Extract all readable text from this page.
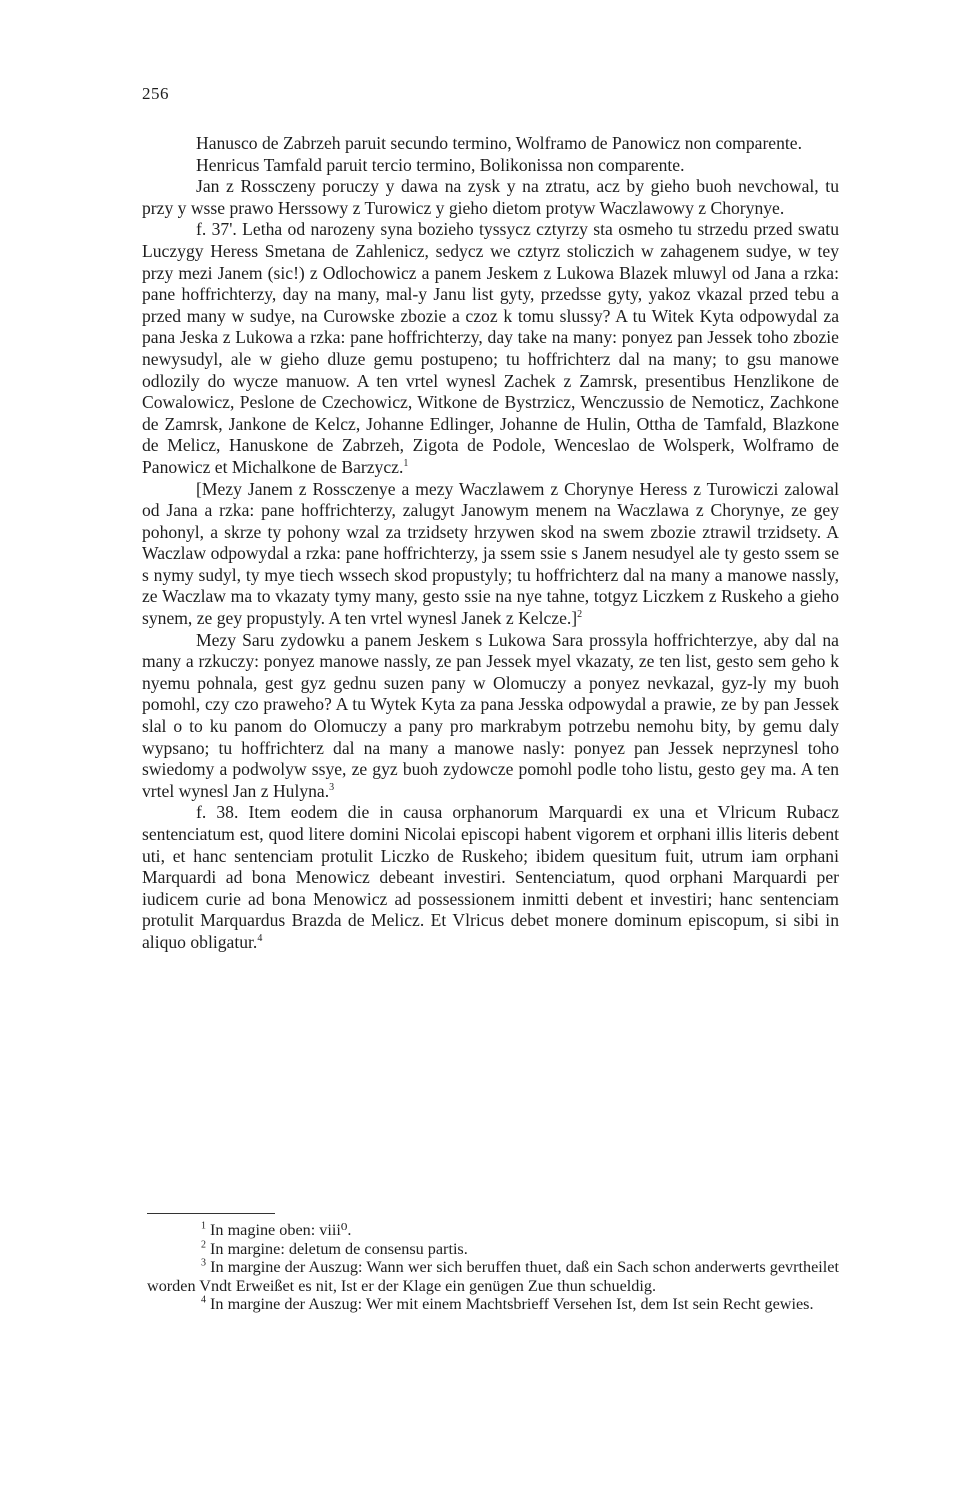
256

Hanusco de Zabrzeh paruit secundo termino, Wolframo de Panowicz non comparente.

Henricus Tamfald paruit tercio termino, Bolikonissa non comparente.

Jan z Rossczeny poruczy y dawa na zysk y na ztratu, acz by gieho buoh nevchowal, tu przy y wsse prawo Herssowy z Turowicz y gieho dietom protyw Waczlawowy z Chorynye.

f. 37'. Letha od narozeny syna bozieho tyssycz cztyrzy sta osmeho tu strzedu przed swatu Luczygy Heress Smetana de Zahlenicz, sedycz we cztyrz stoliczich w zahagenem sudye, w tey przy mezi Janem (sic!) z Odlochowicz a panem Jeskem z Lukowa Blazek mluwyl od Jana a rzka: pane hoffrichterzy, day na many, mal-y Janu list gyty, przedsse gyty, yakoz vkazal przed tebu a przed many w sudye, na Curowske zbozie a czoz k tomu slussy? A tu Witek Kyta odpowydal za pana Jeska z Lukowa a rzka: pane hoffrichterzy, day take na many: ponyez pan Jessek toho zbozie newysudyl, ale w gieho dluze gemu postupeno; tu hoffrichterz dal na many; to gsu manowe odlozily do wycze manuow. A ten vrtel wynesl Zachek z Zamrsk, presentibus Henzlikone de Cowalowicz, Peslone de Czechowicz, Witkone de Bystrzicz, Wenczussio de Nemoticz, Zachkone de Zamrsk, Jankone de Kelcz, Johanne Edlinger, Johanne de Hulin, Ottha de Tamfald, Blazkone de Melicz, Hanuskone de Zabrzeh, Zigota de Podole, Wenceslao de Wolsperk, Wolframo de Panowicz et Michalkone de Barzycz.$^1$

[Mezy Janem z Rossczenye a mezy Waczlawem z Chorynye Heress z Turowiczi zalowal od Jana a rzka: pane hoffrichterzy, zalugyt Janowym menem na Waczlawa z Chorynye, ze gey pohonyl, a skrze ty pohony wzal za trzidsety hrzywen skod na swem zbozie ztrawil trzidsety. A Waczlaw odpowydal a rzka: pane hoffrichterzy, ja ssem ssie s Janem nesudyel ale ty gesto ssem se s nymy sudyl, ty mye tiech wssech skod propustyly; tu hoffrichterz dal na many a manowe nassly, ze Waczlaw ma to vkazaty tymy many, gesto ssie na nye tahne, totgyz Liczkem z Ruskeho a gieho synem, ze gey propustyly. A ten vrtel wynesl Janek z Kelcze.]$^2$

Mezy Saru zydowku a panem Jeskem s Lukowa Sara prossyla hoffrichterzye, aby dal na many a rzkuczy: ponyez manowe nassly, ze pan Jessek myel vkazaty, ze ten list, gesto sem geho k nyemu pohnala, gest gyz gednu suzen pany w Olomuczy a ponyez nevkazal, gyz-ly my buoh pomohl, czy czo praweho? A tu Wytek Kyta za pana Jesska odpowydal a prawie, ze by pan Jessek slal o to ku panom do Olomuczy a pany pro markrabym potrzebu nemohu bity, by gemu daly wypsano; tu hoffrichterz dal na many a manowe nasly: ponyez pan Jessek neprzynesl toho swiedomy a podwolyw ssye, ze gyz buoh zydowcze pomohl podle toho listu, gesto gey ma. A ten vrtel wynesl Jan z Hulyna.$^3$

f. 38. Item eodem die in causa orphanorum Marquardi ex una et Vlricum Rubacz sentenciatum est, quod litere domini Nicolai episcopi habent vigorem et orphani illis literis debent uti, et hanc sentenciam protulit Liczko de Ruskeho; ibidem quesitum fuit, utrum iam orphani Marquardi ad bona Menowicz debeant investiri. Sentenciatum, quod orphani Marquardi per iudicem curie ad bona Menowicz ad possessionem inmitti debent et investiri; hanc sentenciam protulit Marquardus Brazda de Melicz. Et Vlricus debet monere dominum episcopum, si sibi in aliquo obligatur.$^4$

$^1$ In magine oben: viii⁰.

$^2$ In margine: deletum de consensu partis.

$^3$ In margine der Auszug: Wann wer sich beruffen thuet, daß ein Sach schon anderwerts gevrtheilet worden Vndt Erweißet es nit, Ist er der Klage ein genügen Zue thun schueldig.

$^4$ In margine der Auszug: Wer mit einem Machtsbrieff Versehen Ist, dem Ist sein Recht gewies.
